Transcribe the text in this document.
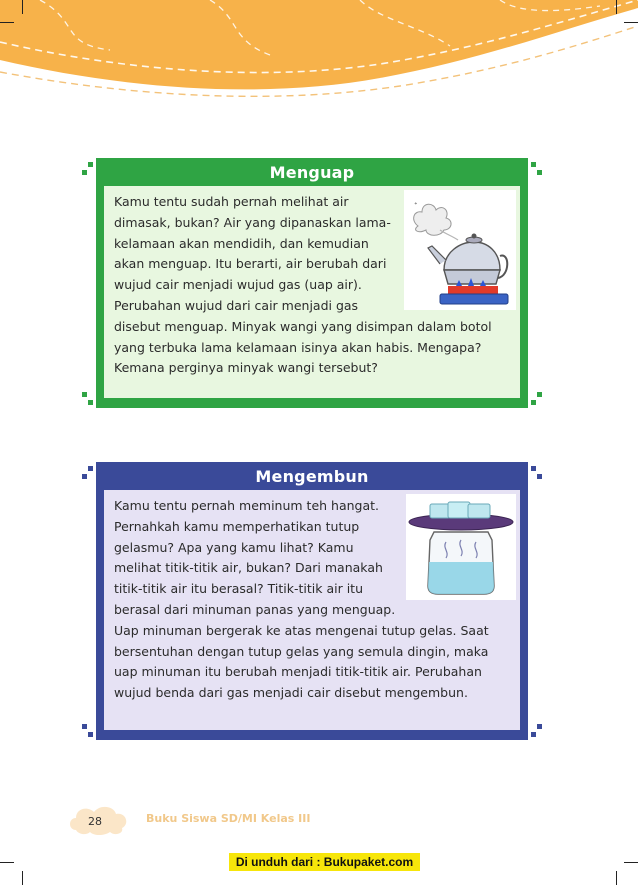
Menguap
ᐩ

Kamu tentu sudah pernah melihat air dimasak, bukan? Air yang dipanaskan lama-kelamaan akan mendidih, dan kemudian akan menguap. Itu berarti, air berubah dari wujud cair menjadi wujud gas (uap air). Perubahan wujud dari cair menjadi gas disebut menguap. Minyak wangi yang disimpan dalam botol yang terbuka lama kelamaan isinya akan habis. Mengapa? Kemana perginya minyak wangi tersebut?

Mengembun

Kamu tentu pernah meminum teh hangat. Pernahkah kamu memperhatikan tutup gelasmu? Apa yang kamu lihat? Kamu melihat titik-titik air, bukan? Dari manakah titik-titik air itu berasal? Titik-titik air itu berasal dari minuman panas yang menguap. Uap minuman bergerak ke atas mengenai tutup gelas. Saat bersentuhan dengan tutup gelas yang semula dingin, maka uap minuman itu berubah menjadi titik-titik air. Perubahan wujud benda dari gas menjadi cair disebut mengembun.

28	Buku Siswa SD/MI Kelas III
Di unduh dari : Bukupaket.com
